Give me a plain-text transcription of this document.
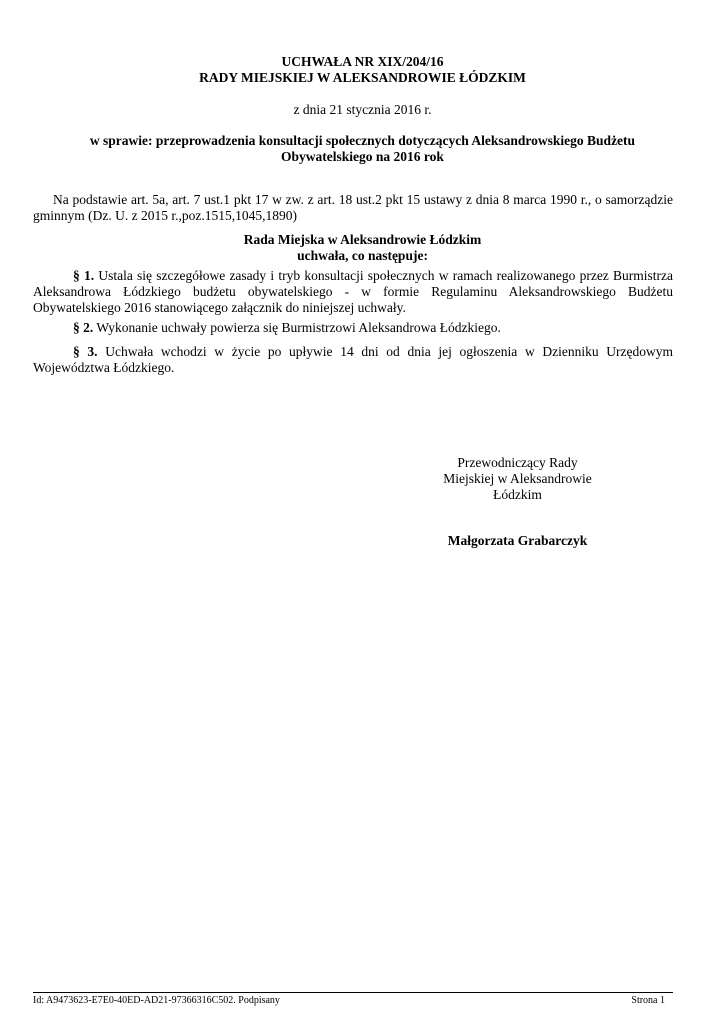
UCHWAŁA NR XIX/204/16
RADY MIEJSKIEJ W ALEKSANDROWIE ŁÓDZKIM
z dnia 21 stycznia 2016 r.
w sprawie: przeprowadzenia konsultacji społecznych dotyczących Aleksandrowskiego Budżetu
Obywatelskiego na 2016 rok
Na podstawie art. 5a, art. 7 ust.1 pkt 17 w zw. z art. 18 ust.2 pkt 15 ustawy z dnia 8 marca 1990 r., o samorządzie gminnym (Dz. U. z 2015 r.,poz.1515,1045,1890)
Rada Miejska w Aleksandrowie Łódzkim
uchwała, co następuje:
§ 1. Ustala się szczegółowe zasady i tryb konsultacji społecznych w ramach realizowanego przez Burmistrza Aleksandrowa Łódzkiego budżetu obywatelskiego - w formie Regulaminu Aleksandrowskiego Budżetu Obywatelskiego 2016 stanowiącego załącznik do niniejszej uchwały.
§ 2. Wykonanie uchwały powierza się Burmistrzowi Aleksandrowa Łódzkiego.
§ 3. Uchwała wchodzi w życie po upływie 14 dni od dnia jej ogłoszenia w Dzienniku Urzędowym Województwa Łódzkiego.
Przewodniczący Rady
Miejskiej w Aleksandrowie
Łódzkim
Małgorzata Grabarczyk
Id: A9473623-E7E0-40ED-AD21-97366316C502. Podpisany	Strona 1
